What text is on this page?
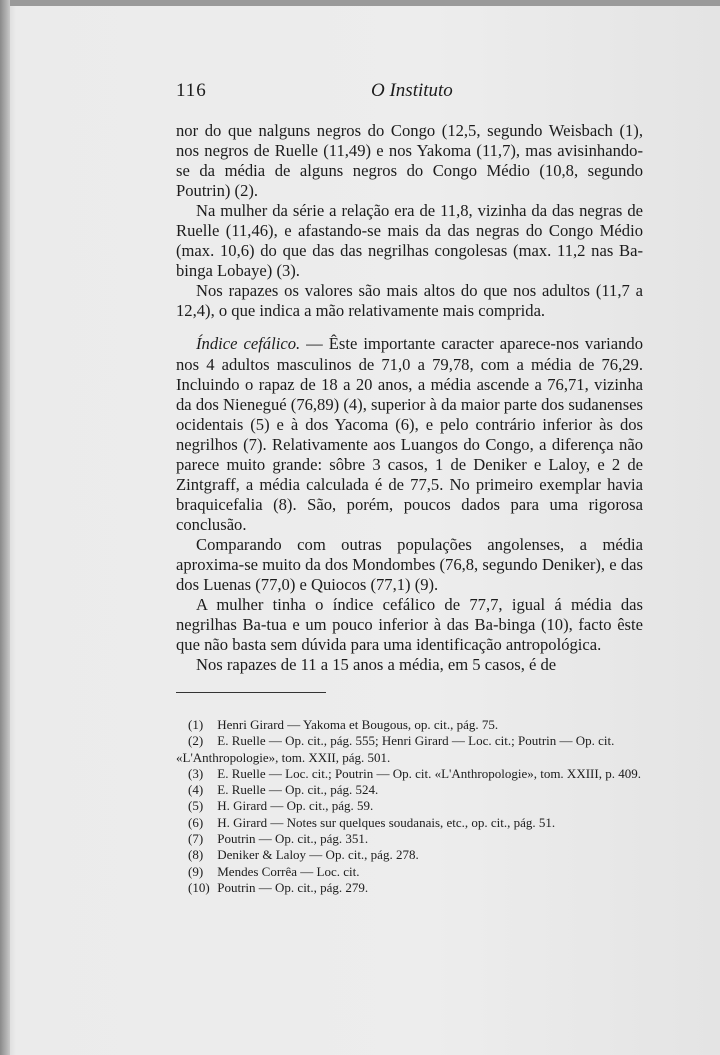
116	O Instituto

nor do que nalguns negros do Congo (12,5, segundo Weisbach (1), nos negros de Ruelle (11,49) e nos Yakoma (11,7), mas avisinhando-se da média de alguns negros do Congo Médio (10,8, segundo Poutrin) (2).

Na mulher da série a relação era de 11,8, vizinha da das negras de Ruelle (11,46), e afastando-se mais da das negras do Congo Médio (max. 10,6) do que das das negrilhas congolesas (max. 11,2 nas Ba-binga Lobaye) (3).

Nos rapazes os valores são mais altos do que nos adultos (11,7 a 12,4), o que indica a mão relativamente mais comprida.

Índice cefálico. — Êste importante caracter aparece-nos variando nos 4 adultos masculinos de 71,0 a 79,78, com a média de 76,29. Incluindo o rapaz de 18 a 20 anos, a média ascende a 76,71, vizinha da dos Nienegué (76,89) (4), superior à da maior parte dos sudanenses ocidentais (5) e à dos Yacoma (6), e pelo contrário inferior às dos negrilhos (7). Relativamente aos Luangos do Congo, a diferença não parece muito grande: sôbre 3 casos, 1 de Deniker e Laloy, e 2 de Zintgraff, a média calculada é de 77,5. No primeiro exemplar havia braquicefalia (8). São, porém, poucos dados para uma rigorosa conclusão.

Comparando com outras populações angolenses, a média aproxima-se muito da dos Mondombes (76,8, segundo Deniker), e das dos Luenas (77,0) e Quiocos (77,1) (9).

A mulher tinha o índice cefálico de 77,7, igual á média das negrilhas Ba-tua e um pouco inferior à das Ba-binga (10), facto êste que não basta sem dúvida para uma identificação antropológica.

Nos rapazes de 11 a 15 anos a média, em 5 casos, é de

(1) Henri Girard — Yakoma et Bougous, op. cit., pág. 75.

(2) E. Ruelle — Op. cit., pág. 555; Henri Girard — Loc. cit.; Poutrin — Op. cit. «L'Anthropologie», tom. XXII, pág. 501.

(3) E. Ruelle — Loc. cit.; Poutrin — Op. cit. «L'Anthropologie», tom. XXIII, p. 409.

(4) E. Ruelle — Op. cit., pág. 524.

(5) H. Girard — Op. cit., pág. 59.

(6) H. Girard — Notes sur quelques soudanais, etc., op. cit., pág. 51.

(7) Poutrin — Op. cit., pág. 351.

(8) Deniker & Laloy — Op. cit., pág. 278.

(9) Mendes Corrêa — Loc. cit.

(10) Poutrin — Op. cit., pág. 279.
